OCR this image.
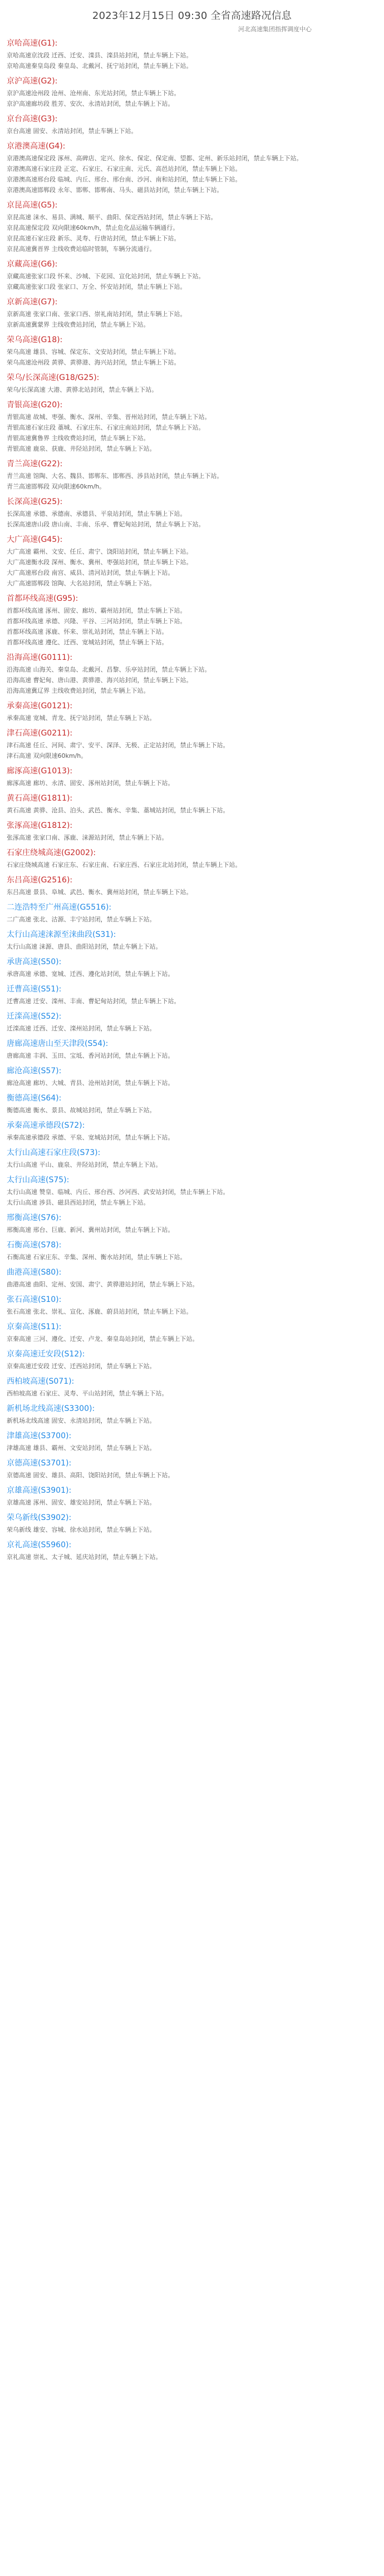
2023年12月15日 09:30 全省高速路况信息
河北高速集团指挥调度中心
京哈高速(G1):
京哈高速京沈段 迁西、迁安、滦县、滦县站封闭，禁止车辆上下站。
京哈高速秦皇岛段 秦皇岛、北戴河、抚宁站封闭，禁止车辆上下站。
京沪高速(G2):
京沪高速沧州段 沧州、沧州南、东光站封闭，禁止车辆上下站。
京沪高速廊坊段 胜芳、安次、永清站封闭，禁止车辆上下站。
京台高速(G3):
京台高速 固安、永清站封闭，禁止车辆上下站。
京港澳高速(G4):
京港澳高速保定段 涿州、高碑店、定兴、徐水、保定、保定南、望都、定州、新乐站封闭，禁止车辆上下站。
京港澳高速石家庄段 正定、石家庄、石家庄南、元氏、高邑站封闭，禁止车辆上下站。
京港澳高速邢台段 临城、内丘、邢台、邢台南、沙河、南和站封闭，禁止车辆上下站。
京港澳高速邯郸段 永年、邯郸、邯郸南、马头、磁县站封闭，禁止车辆上下站。
京昆高速(G5):
京昆高速 涞水、易县、满城、顺平、曲阳、保定西站封闭，禁止车辆上下站。
京昆高速保定段 双向限速60km/h，禁止危化品运输车辆通行。
京昆高速石家庄段 新乐、灵寿、行唐站封闭，禁止车辆上下站。
京昆高速冀晋界 主线收费站临时管制，车辆分流通行。
京藏高速(G6):
京藏高速张家口段 怀来、沙城、下花园、宣化站封闭，禁止车辆上下站。
京藏高速张家口段 张家口、万全、怀安站封闭，禁止车辆上下站。
京新高速(G7):
京新高速 张家口南、张家口西、崇礼南站封闭，禁止车辆上下站。
京新高速冀蒙界 主线收费站封闭，禁止车辆上下站。
荣乌高速(G18):
荣乌高速 雄县、容城、保定东、文安站封闭，禁止车辆上下站。
荣乌高速沧州段 黄骅、黄骅港、海兴站封闭，禁止车辆上下站。
荣乌/长深高速(G18/G25):
荣乌/长深高速 大港、黄骅北站封闭，禁止车辆上下站。
青银高速(G20):
青银高速 故城、枣强、衡水、深州、辛集、晋州站封闭，禁止车辆上下站。
青银高速石家庄段 藁城、石家庄东、石家庄南站封闭，禁止车辆上下站。
青银高速冀鲁界 主线收费站封闭，禁止车辆上下站。
青银高速 鹿泉、获鹿、井陉站封闭，禁止车辆上下站。
青兰高速(G22):
青兰高速 馆陶、大名、魏县、邯郸东、邯郸西、涉县站封闭，禁止车辆上下站。
青兰高速邯郸段 双向限速60km/h。
长深高速(G25):
长深高速 承德、承德南、承德县、平泉站封闭，禁止车辆上下站。
长深高速唐山段 唐山南、丰南、乐亭、曹妃甸站封闭，禁止车辆上下站。
大广高速(G45):
大广高速 霸州、文安、任丘、肃宁、饶阳站封闭，禁止车辆上下站。
大广高速衡水段 深州、衡水、冀州、枣强站封闭，禁止车辆上下站。
大广高速邢台段 南宫、威县、清河站封闭，禁止车辆上下站。
大广高速邯郸段 馆陶、大名站封闭，禁止车辆上下站。
首都环线高速(G95):
首都环线高速 涿州、固安、廊坊、霸州站封闭，禁止车辆上下站。
首都环线高速 承德、兴隆、平谷、三河站封闭，禁止车辆上下站。
首都环线高速 涿鹿、怀来、崇礼站封闭，禁止车辆上下站。
首都环线高速 遵化、迁西、宽城站封闭，禁止车辆上下站。
沿海高速(G0111):
沿海高速 山海关、秦皇岛、北戴河、昌黎、乐亭站封闭，禁止车辆上下站。
沿海高速 曹妃甸、唐山港、黄骅港、海兴站封闭，禁止车辆上下站。
沿海高速冀辽界 主线收费站封闭，禁止车辆上下站。
承秦高速(G0121):
承秦高速 宽城、青龙、抚宁站封闭，禁止车辆上下站。
津石高速(G0211):
津石高速 任丘、河间、肃宁、安平、深泽、无极、正定站封闭，禁止车辆上下站。
津石高速 双向限速60km/h。
廊涿高速(G1013):
廊涿高速 廊坊、永清、固安、涿州站封闭，禁止车辆上下站。
黄石高速(G1811):
黄石高速 黄骅、沧县、泊头、武邑、衡水、辛集、藁城站封闭，禁止车辆上下站。
张涿高速(G1812):
张涿高速 张家口南、涿鹿、涞源站封闭，禁止车辆上下站。
石家庄绕城高速(G2002):
石家庄绕城高速 石家庄东、石家庄南、石家庄西、石家庄北站封闭，禁止车辆上下站。
东吕高速(G2516):
东吕高速 景县、阜城、武邑、衡水、冀州站封闭，禁止车辆上下站。
二连浩特至广州高速(G5516):
二广高速 张北、沽源、丰宁站封闭，禁止车辆上下站。
太行山高速涞源至涞曲段(S31):
太行山高速 涞源、唐县、曲阳站封闭，禁止车辆上下站。
承唐高速(S50):
承唐高速 承德、宽城、迁西、遵化站封闭，禁止车辆上下站。
迁曹高速(S51):
迁曹高速 迁安、滦州、丰南、曹妃甸站封闭，禁止车辆上下站。
迁滦高速(S52):
迁滦高速 迁西、迁安、滦州站封闭，禁止车辆上下站。
唐廊高速唐山至天津段(S54):
唐廊高速 丰润、玉田、宝坻、香河站封闭，禁止车辆上下站。
廊沧高速(S57):
廊沧高速 廊坊、大城、青县、沧州站封闭，禁止车辆上下站。
衡德高速(S64):
衡德高速 衡水、景县、故城站封闭，禁止车辆上下站。
承秦高速承德段(S72):
承秦高速承德段 承德、平泉、宽城站封闭，禁止车辆上下站。
太行山高速石家庄段(S73):
太行山高速 平山、鹿泉、井陉站封闭，禁止车辆上下站。
太行山高速(S75):
太行山高速 赞皇、临城、内丘、邢台西、沙河西、武安站封闭，禁止车辆上下站。
太行山高速 涉县、磁县西站封闭，禁止车辆上下站。
邢衡高速(S76):
邢衡高速 邢台、巨鹿、新河、冀州站封闭，禁止车辆上下站。
石衡高速(S78):
石衡高速 石家庄东、辛集、深州、衡水站封闭，禁止车辆上下站。
曲港高速(S80):
曲港高速 曲阳、定州、安国、肃宁、黄骅港站封闭，禁止车辆上下站。
张石高速(S10):
张石高速 张北、崇礼、宣化、涿鹿、蔚县站封闭，禁止车辆上下站。
京秦高速(S11):
京秦高速 三河、遵化、迁安、卢龙、秦皇岛站封闭，禁止车辆上下站。
京秦高速迁安段(S12):
京秦高速迁安段 迁安、迁西站封闭，禁止车辆上下站。
西柏坡高速(S071):
西柏坡高速 石家庄、灵寿、平山站封闭，禁止车辆上下站。
新机场北线高速(S3300):
新机场北线高速 固安、永清站封闭，禁止车辆上下站。
津雄高速(S3700):
津雄高速 雄县、霸州、文安站封闭，禁止车辆上下站。
京德高速(S3701):
京德高速 固安、雄县、高阳、饶阳站封闭，禁止车辆上下站。
京雄高速(S3901):
京雄高速 涿州、固安、雄安站封闭，禁止车辆上下站。
荣乌新线(S3902):
荣乌新线 雄安、容城、徐水站封闭，禁止车辆上下站。
京礼高速(S5960):
京礼高速 崇礼、太子城、延庆站封闭，禁止车辆上下站。
